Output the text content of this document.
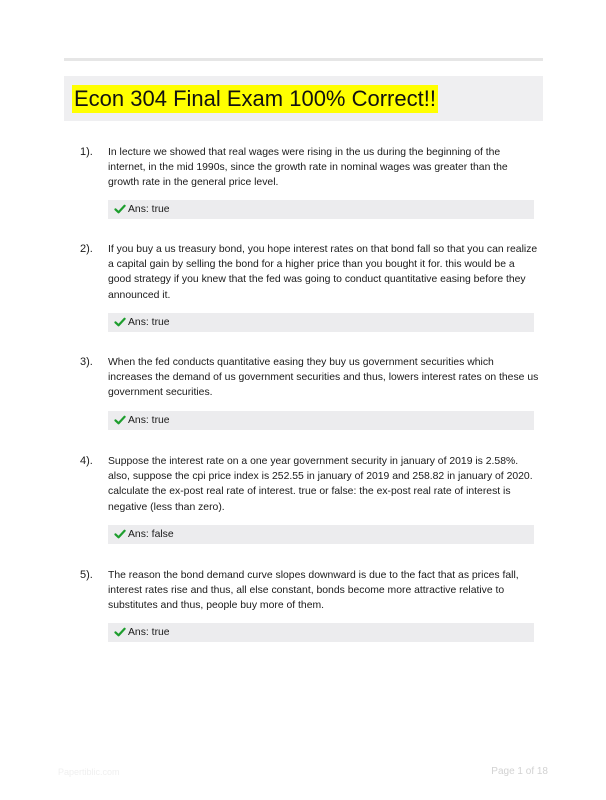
Econ 304 Final Exam 100% Correct!!
1). In lecture we showed that real wages were rising in the us during the beginning of the internet, in the mid 1990s, since the growth rate in nominal wages was greater than the growth rate in the general price level.
Ans: true
2). If you buy a us treasury bond, you hope interest rates on that bond fall so that you can realize a capital gain by selling the bond for a higher price than you bought it for. this would be a good strategy if you knew that the fed was going to conduct quantitative easing before they announced it.
Ans: true
3). When the fed conducts quantitative easing they buy us government securities which increases the demand of us government securities and thus, lowers interest rates on these us government securities.
Ans: true
4). Suppose the interest rate on a one year government security in january of 2019 is 2.58%. also, suppose the cpi price index is 252.55 in january of 2019 and 258.82 in january of 2020. calculate the ex-post real rate of interest. true or false: the ex-post real rate of interest is negative (less than zero).
Ans: false
5). The reason the bond demand curve slopes downward is due to the fact that as prices fall, interest rates rise and thus, all else constant, bonds become more attractive relative to substitutes and thus, people buy more of them.
Ans: true
Papertiblic.com	Page 1 of 18
